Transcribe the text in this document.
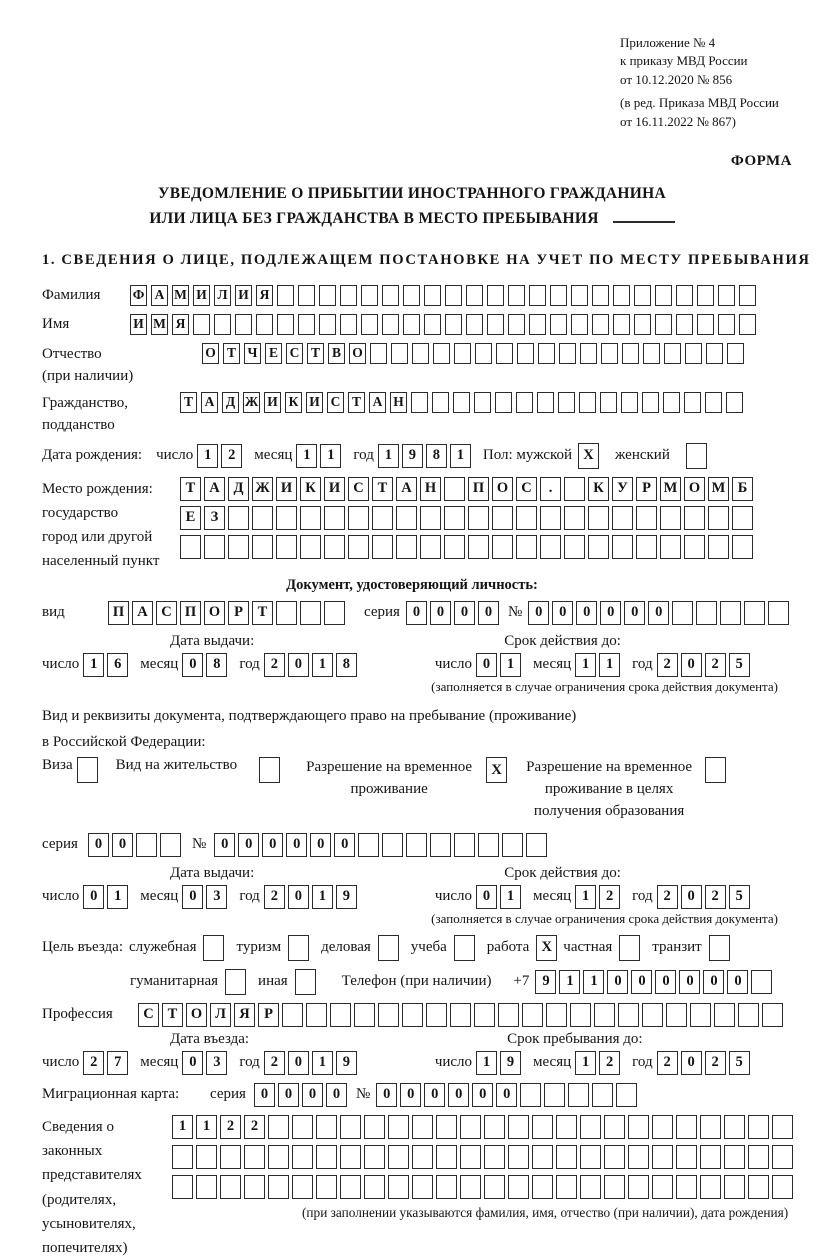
Приложение № 4
к приказу МВД России
от 10.12.2020 № 856
(в ред. Приказа МВД России
от 16.11.2022 № 867)
ФОРМА
УВЕДОМЛЕНИЕ О ПРИБЫТИИ ИНОСТРАННОГО ГРАЖДАНИНА
ИЛИ ЛИЦА БЕЗ ГРАЖДАНСТВА В МЕСТО ПРЕБЫВАНИЯ
1. СВЕДЕНИЯ О ЛИЦЕ, ПОДЛЕЖАЩЕМ ПОСТАНОВКЕ НА УЧЕТ ПО МЕСТУ ПРЕБЫВАНИЯ
Фамилия	Ф А М И Л И Я
Имя	И М Я
Отчество
(при наличии)
О Т Ч Е С Т В О
Гражданство,
подданство
Т А Д Ж И К И С Т А Н
Дата рождения: число 1	2	месяц 1	1	год 1	9	8	1	Пол: мужской X	женский
Место рождения:
государство
город или другой
населенный пункт
Т А Д Ж И К И С Т А Н	П О С	.	К У Р М О М Б

Е	З

Документ, удостоверяющий личность:
вид	П А С П О Р	Т	серия 0	0	0	0	№ 0	0	0	0	0	0
Дата выдачи:	Срок действия до:
число 1	6	месяц 0	8	год 2	0	1	8	число 0	1	месяц 1	1	год 2	0	2	5
(заполняется в случае ограничения срока действия документа)
Вид и реквизиты документа, подтверждающего право на пребывание (проживание)
в Российской Федерации:
Виза	Вид на жительство	Разрешение на временное
проживание
X	Разрешение на временное
проживание в целях
получения образования
серия	0	0	№	0	0	0	0	0	0
Дата выдачи:	Срок действия до:
число 0	1	месяц 0	3	год 2	0	1	9	число 0	1	месяц 1	2	год 2	0	2	5
(заполняется в случае ограничения срока действия документа)
Цель въезда: служебная	туризм	деловая	учеба	работа X частная	транзит
гуманитарная	иная	Телефон (при наличии) +7 9	1	1	0	0	0	0	0	0
Профессия	С Т О Л Я Р
Дата въезда:	Срок пребывания до:
число 2	7	месяц 0	3	год 2	0	1	9	число 1	9	месяц 1	2	год 2	0	2	5
Миграционная карта:	серия	0	0	0	0	№ 0	0	0	0	0	0
Сведения о
законных
представителях
(родителях,
усыновителях,
попечителях)
1	1	2	2

(при заполнении указываются фамилия, имя, отчество (при наличии), дата рождения)
